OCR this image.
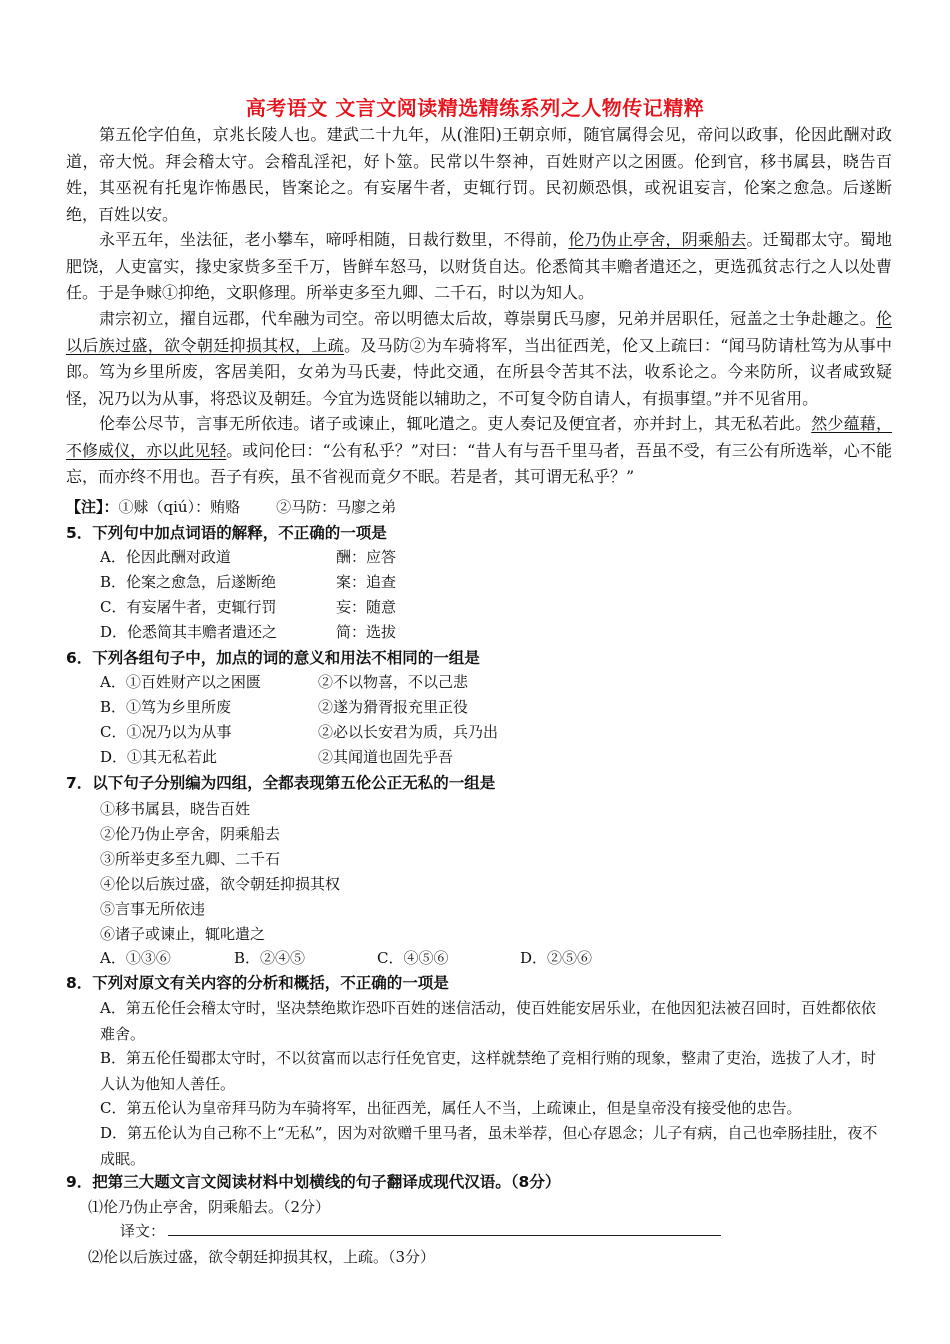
高考语文 文言文阅读精选精练系列之人物传记精粹

第五伦字伯鱼，京兆长陵人也。建武二十九年，从(淮阳)王朝京师，随官属得会见，帝问以政事，伦因此酬对政道，帝大悦。拜会稽太守。会稽乱淫祀，好卜筮。民常以牛祭神，百姓财产以之困匮。伦到官，移书属县，晓告百姓，其巫祝有托鬼诈怖愚民，皆案论之。有妄屠牛者，吏辄行罚。民初颇恐惧，或祝诅妄言，伦案之愈急。后遂断绝，百姓以安。

永平五年，坐法征，老小攀车，啼呼相随，日裁行数里，不得前，伦乃伪止亭舍，阴乘船去。迁蜀郡太守。蜀地肥饶，人吏富实，掾史家赀多至千万，皆鲜车怒马，以财货自达。伦悉简其丰赡者遣还之，更选孤贫志行之人以处曹任。于是争赇①抑绝，文职修理。所举吏多至九卿、二千石，时以为知人。

肃宗初立，擢自远郡，代牟融为司空。帝以明德太后故，尊崇舅氏马廖，兄弟并居职任，冠盖之士争赴趣之。伦以后族过盛，欲令朝廷抑损其权，上疏。及马防②为车骑将军，当出征西羌，伦又上疏曰：“闻马防请杜笃为从事中郎。笃为乡里所废，客居美阳，女弟为马氏妻，恃此交通，在所县令苦其不法，收系论之。今来防所，议者咸致疑怪，况乃以为从事，将恐议及朝廷。今宜为选贤能以辅助之，不可复令防自请人，有损事望。”并不见省用。

伦奉公尽节，言事无所依违。诸子或谏止，辄叱遣之。吏人奏记及便宜者，亦并封上，其无私若此。然少蕴藉，不修威仪，亦以此见轻。或问伦曰：“公有私乎？”对曰：“昔人有与吾千里马者，吾虽不受，有三公有所选举，心不能忘，而亦终不用也。吾子有疾，虽不省视而竟夕不眠。若是者，其可谓无私乎？”

【注】：①赇（qiú）：贿赂 ②马防：马廖之弟
5．下列句中加点词语的解释，不正确的一项是
A．伦因此酬对政道	酬：应答
B．伦案之愈急，后遂断绝	案：追查
C．有妄屠牛者，吏辄行罚	妄：随意
D．伦悉简其丰赡者遣还之	简：选拔
6．下列各组句子中，加点的词的意义和用法不相同的一组是
A．①百姓财产以之困匮	②不以物喜，不以己悲
B．①笃为乡里所废	②遂为猾胥报充里正役
C．①况乃以为从事	②必以长安君为质，兵乃出
D．①其无私若此	②其闻道也固先乎吾
7．以下句子分别编为四组，全都表现第五伦公正无私的一组是
①移书属县，晓告百姓
②伦乃伪止亭舍，阴乘船去
③所举吏多至九卿、二千石
④伦以后族过盛，欲令朝廷抑损其权
⑤言事无所依违
⑥诸子或谏止，辄叱遣之
A．①③⑥	B．②④⑤	C．④⑤⑥	D．②⑤⑥
8．下列对原文有关内容的分析和概括，不正确的一项是
A．第五伦任会稽太守时，坚决禁绝欺诈恐吓百姓的迷信活动，使百姓能安居乐业，在他因犯法被召回时，百姓都依依难舍。
B．第五伦任蜀郡太守时，不以贫富而以志行任免官吏，这样就禁绝了竞相行贿的现象，整肃了吏治，选拔了人才，时人认为他知人善任。
C．第五伦认为皇帝拜马防为车骑将军，出征西羌，属任人不当，上疏谏止，但是皇帝没有接受他的忠告。
D．第五伦认为自己称不上“无私”，因为对欲赠千里马者，虽未举荐，但心存恩念；儿子有病，自己也牵肠挂肚，夜不成眠。
9．把第三大题文言文阅读材料中划横线的句子翻译成现代汉语。（8分）
⑴伦乃伪止亭舍，阴乘船去。（2分）
译文：
⑵伦以后族过盛，欲令朝廷抑损其权，上疏。（3分）
